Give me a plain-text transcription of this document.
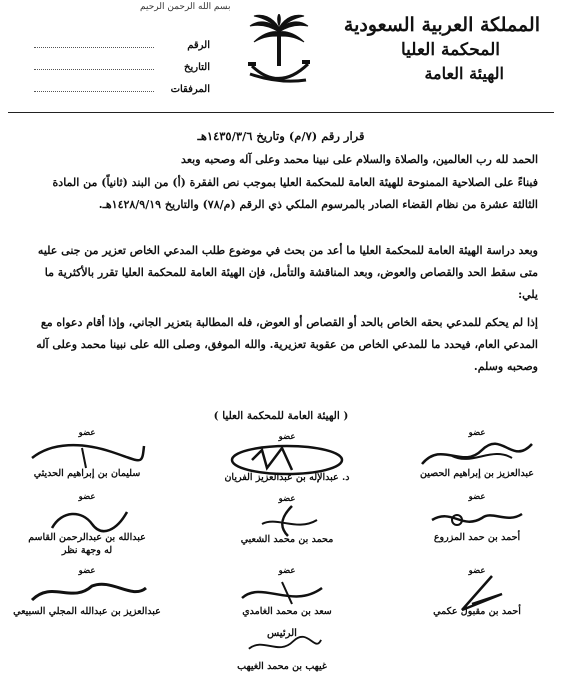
بسم الله الرحمن الرحيم
المملكة العربية السعودية
المحكمة العليا
الهيئة العامة
الرقم
التاريخ
المرفقات
قرار رقم (٧/م) وتاريخ ١٤٣٥/٣/٦هـ
الحمد لله رب العالمين، والصلاة والسلام على نبينا محمد وعلى آله وصحبه وبعد
فبناءً على الصلاحية الممنوحة للهيئة العامة للمحكمة العليا بموجب نص الفقرة (أ) من البند (ثانياً) من المادة الثالثة عشرة من نظام القضاء الصادر بالمرسوم الملكي ذي الرقم (م/٧٨) والتاريخ ١٤٢٨/٩/١٩هـ.
وبعد دراسة الهيئة العامة للمحكمة العليا ما أعد من بحث في موضوع طلب المدعي الخاص تعزير من جنى عليه متى سقط الحد والقصاص والعوض، وبعد المناقشة والتأمل، فإن الهيئة العامة للمحكمة العليا تقرر بالأكثرية ما يلي:
إذا لم يحكم للمدعي بحقه الخاص بالحد أو القصاص أو العوض، فله المطالبة بتعزير الجاني، وإذا أقام دعواه مع المدعي العام، فيحدد ما للمدعي الخاص من عقوبة تعزيرية. والله الموفق، وصلى الله على نبينا محمد وعلى آله وصحبه وسلم.
( الهيئة العامة للمحكمة العليا )
عضو
عبدالعزيز بن إبراهيم الحصين
عضو
د. عبدالإله بن عبدالعزيز الفريان
عضو
سليمان بن إبراهيم الحديثي
عضو
أحمد بن حمد المزروع
عضو
محمد بن محمد الشعبي
عضو
عبدالله بن عبدالرحمن القاسم
له وجهة نظر
عضو
أحمد بن مقبول عكمي
عضو
سعد بن محمد الغامدي
عضو
عبدالعزيز بن عبدالله المجلي السبيعي
الرئيس
غيهب بن محمد الغيهب
